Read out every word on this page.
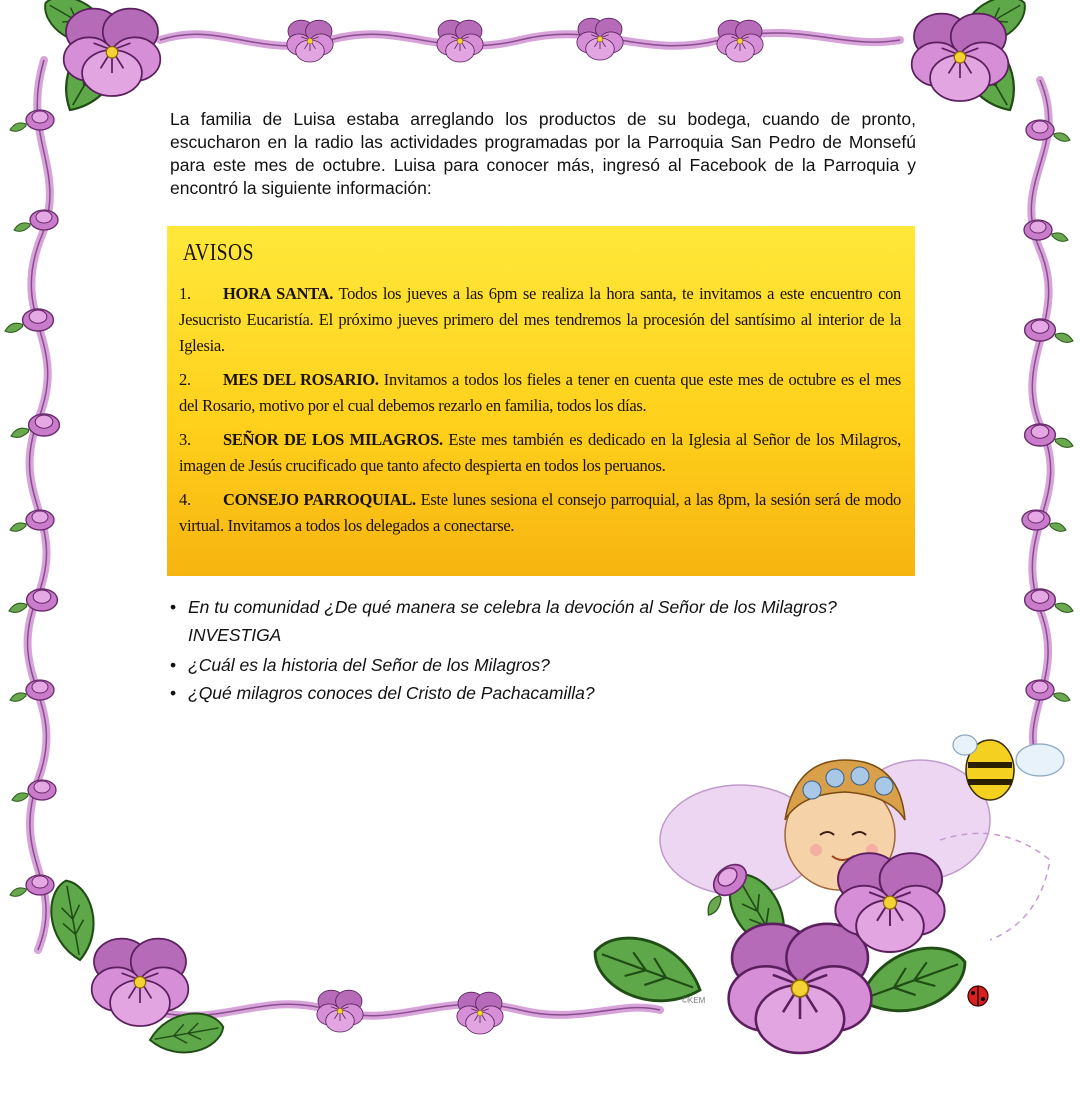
©KEM
La familia de Luisa estaba arreglando los productos de su bodega, cuando de pronto, escucharon en la radio las actividades programadas por la Parroquia San Pedro de Monsefú para este mes de octubre. Luisa para conocer más, ingresó al Facebook de la Parroquia y encontró la siguiente información:
AVISOS
1. HORA SANTA. Todos los jueves a las 6pm se realiza la hora santa, te invitamos a este encuentro con Jesucristo Eucaristía. El próximo jueves primero del mes tendremos la procesión del santísimo al interior de la Iglesia.
2. MES DEL ROSARIO. Invitamos a todos los fieles a tener en cuenta que este mes de octubre es el mes del Rosario, motivo por el cual debemos rezarlo en familia, todos los días.
3. SEÑOR DE LOS MILAGROS. Este mes también es dedicado en la Iglesia al Señor de los Milagros, imagen de Jesús crucificado que tanto afecto despierta en todos los peruanos.
4. CONSEJO PARROQUIAL. Este lunes sesiona el consejo parroquial, a las 8pm, la sesión será de modo virtual. Invitamos a todos los delegados a conectarse.
• En tu comunidad ¿De qué manera se celebra la devoción al Señor de los Milagros?
INVESTIGA
• ¿Cuál es la historia del Señor de los Milagros?
• ¿Qué milagros conoces del Cristo de Pachacamilla?
